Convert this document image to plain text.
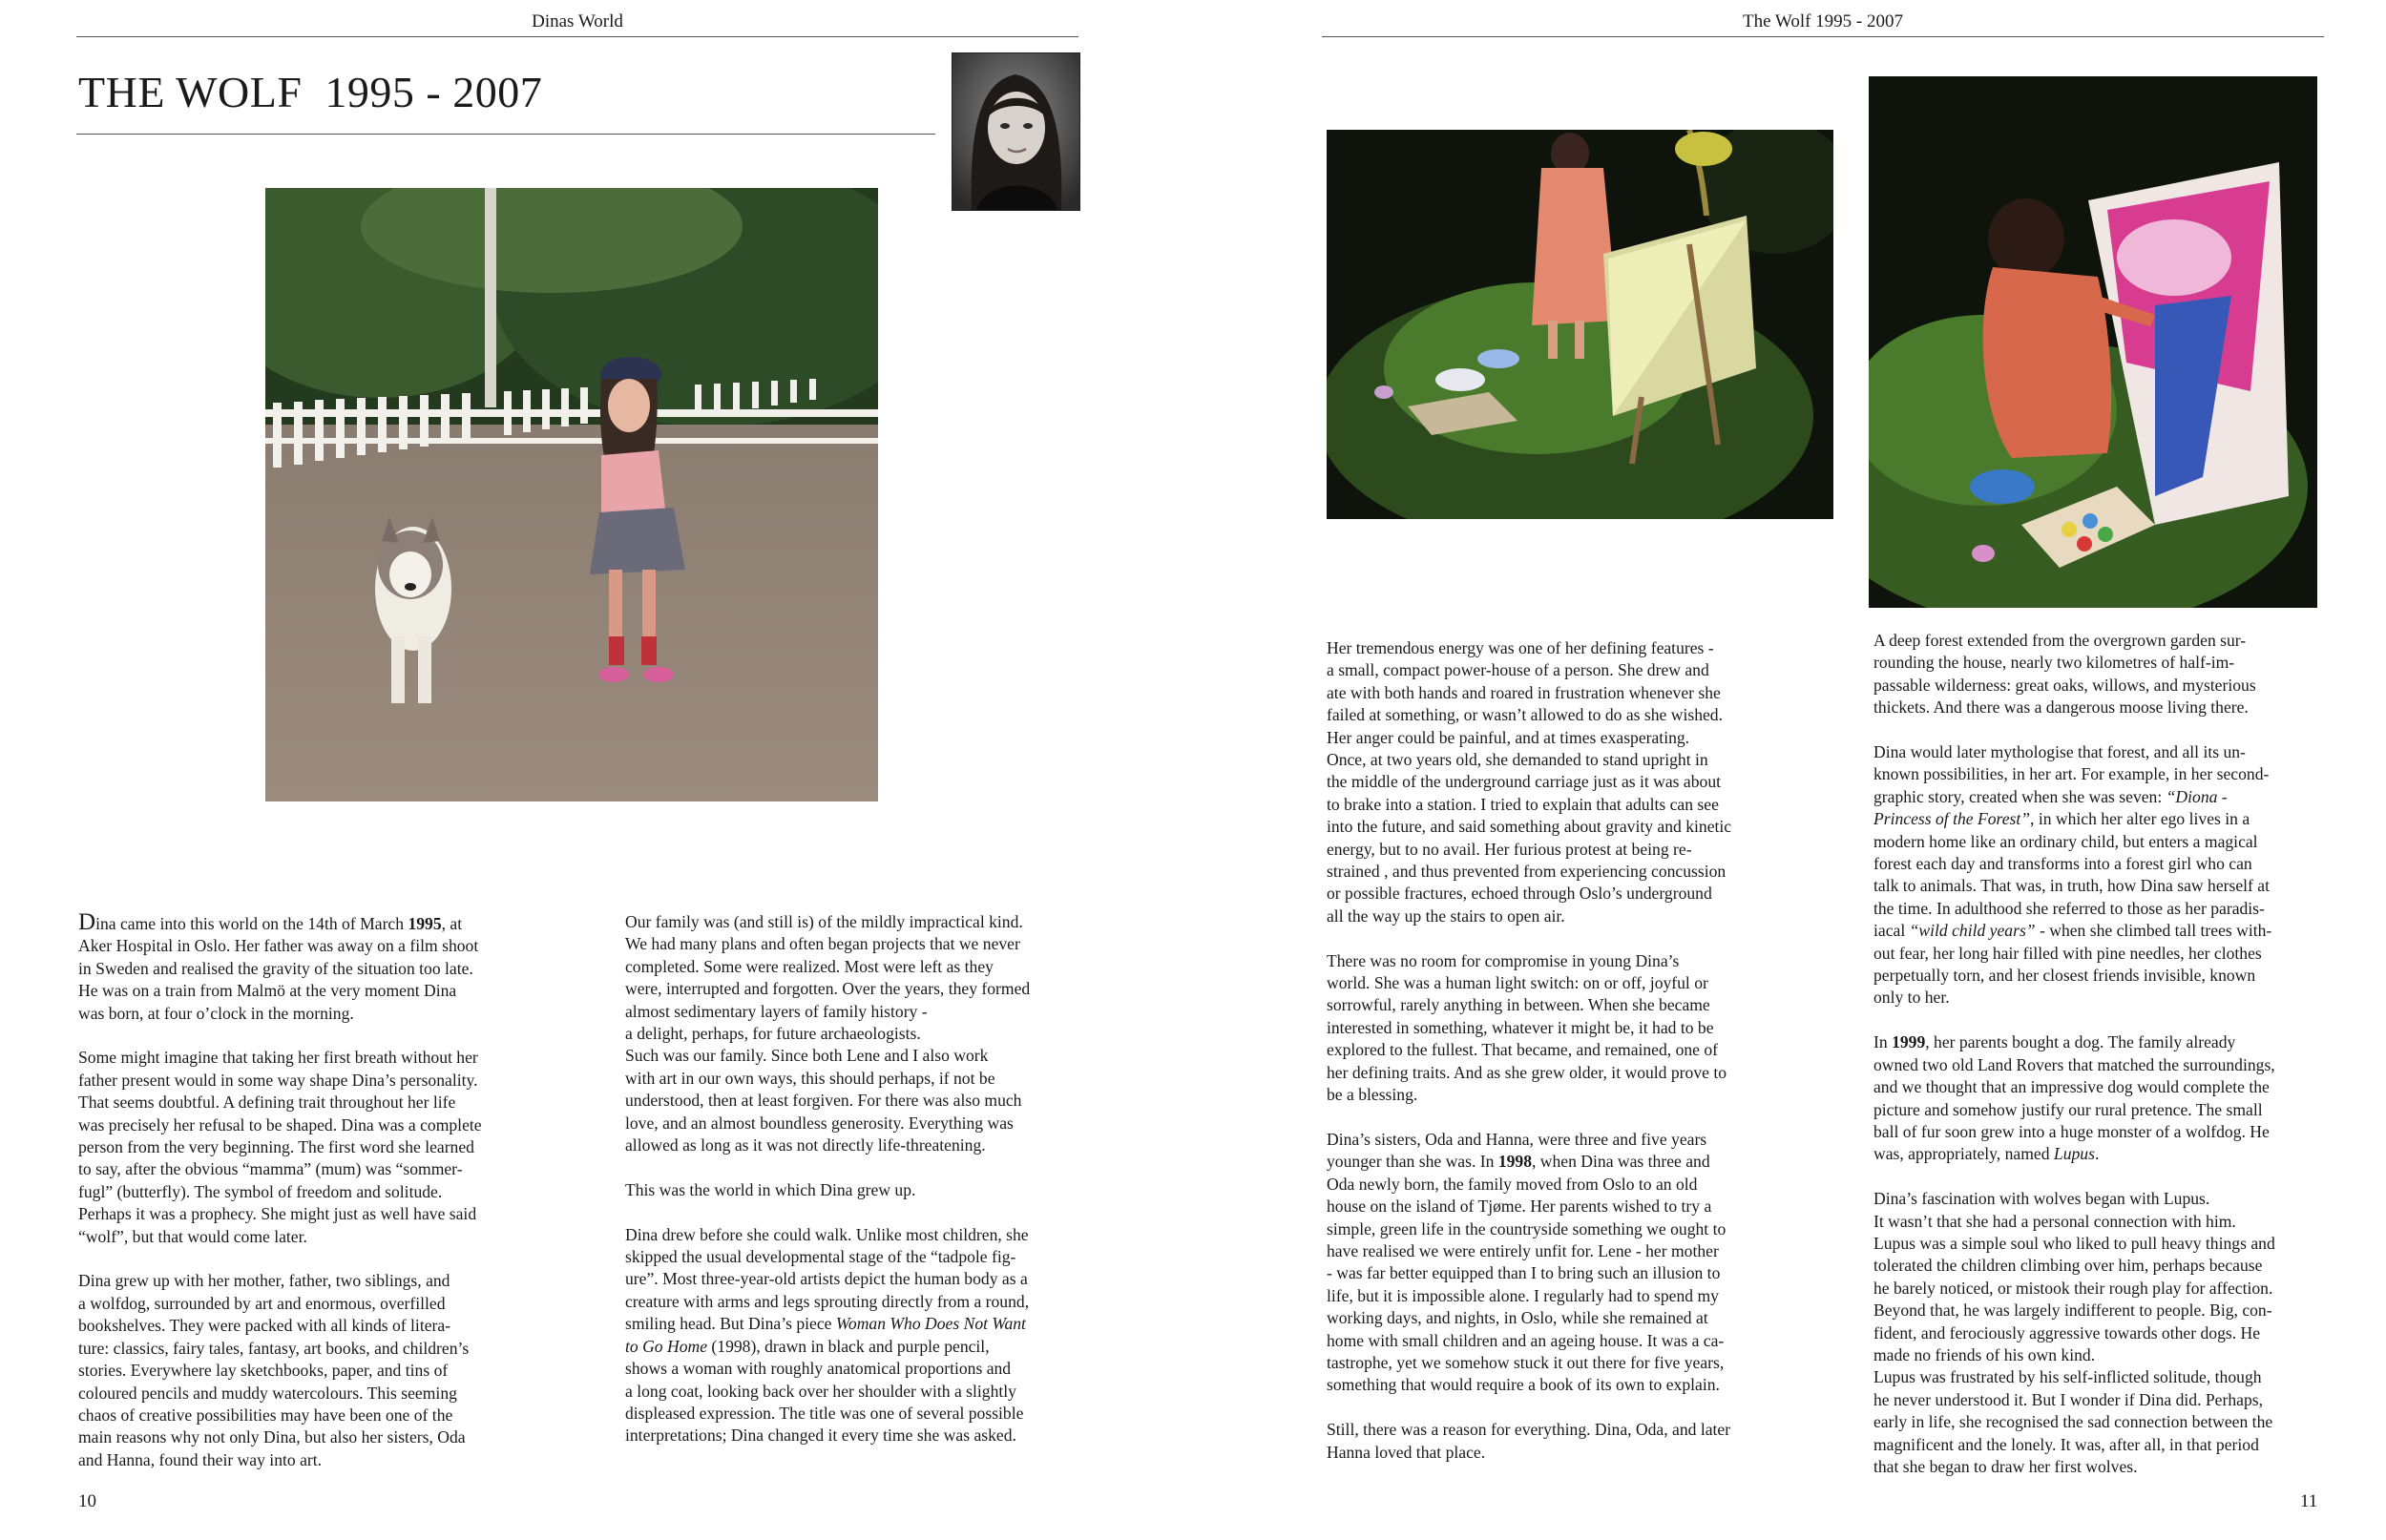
Dinas World
THE WOLF  1995 - 2007

Dina came into this world on the 14th of March 1995, at
Aker Hospital in Oslo. Her father was away on a film shoot
in Sweden and realised the gravity of the situation too late.
He was on a train from Malmö at the very moment Dina
was born, at four o’clock in the morning.

Some might imagine that taking her first breath without her
father present would in some way shape Dina’s personality.
That seems doubtful. A defining trait throughout her life
was precisely her refusal to be shaped. Dina was a complete
person from the very beginning. The first word she learned
to say, after the obvious “mamma” (mum) was “sommer-
fugl” (butterfly). The symbol of freedom and solitude.
Perhaps it was a prophecy. She might just as well have said
“wolf”, but that would come later.

Dina grew up with her mother, father, two siblings, and
a wolfdog, surrounded by art and enormous, overfilled
bookshelves. They were packed with all kinds of litera-
ture: classics, fairy tales, fantasy, art books, and children’s
stories. Everywhere lay sketchbooks, paper, and tins of
coloured pencils and muddy watercolours. This seeming
chaos of creative possibilities may have been one of the
main reasons why not only Dina, but also her sisters, Oda
and Hanna, found their way into art.

Our family was (and still is) of the mildly impractical kind.
We had many plans and often began projects that we never
completed. Some were realized. Most were left as they
were, interrupted and forgotten. Over the years, they formed
almost sedimentary layers of family history -
a delight, perhaps, for future archaeologists.
Such was our family. Since both Lene and I also work
with art in our own ways, this should perhaps, if not be
understood, then at least forgiven. For there was also much
love, and an almost boundless generosity. Everything was
allowed as long as it was not directly life-threatening.

This was the world in which Dina grew up.

Dina drew before she could walk. Unlike most children, she
skipped the usual developmental stage of the “tadpole fig-
ure”. Most three-year-old artists depict the human body as a
creature with arms and legs sprouting directly from a round,
smiling head. But Dina’s piece Woman Who Does Not Want
to Go Home (1998), drawn in black and purple pencil,
shows a woman with roughly anatomical proportions and
a long coat, looking back over her shoulder with a slightly
displeased expression. The title was one of several possible
interpretations; Dina changed it every time she was asked.

10
The Wolf 1995 - 2007

Her tremendous energy was one of her defining features -
a small, compact power-house of a person. She drew and
ate with both hands and roared in frustration whenever she
failed at something, or wasn’t allowed to do as she wished.
Her anger could be painful, and at times exasperating.
Once, at two years old, she demanded to stand upright in
the middle of the underground carriage just as it was about
to brake into a station. I tried to explain that adults can see
into the future, and said something about gravity and kinetic
energy, but to no avail. Her furious protest at being re-
strained , and thus prevented from experiencing concussion
or possible fractures, echoed through Oslo’s underground
all the way up the stairs to open air.

There was no room for compromise in young Dina’s
world. She was a human light switch: on or off, joyful or
sorrowful, rarely anything in between. When she became
interested in something, whatever it might be, it had to be
explored to the fullest. That became, and remained, one of
her defining traits. And as she grew older, it would prove to
be a blessing.

Dina’s sisters, Oda and Hanna, were three and five years
younger than she was. In 1998, when Dina was three and
Oda newly born, the family moved from Oslo to an old
house on the island of Tjøme. Her parents wished to try a
simple, green life in the countryside something we ought to
have realised we were entirely unfit for. Lene - her mother
- was far better equipped than I to bring such an illusion to
life, but it is impossible alone. I regularly had to spend my
working days, and nights, in Oslo, while she remained at
home with small children and an ageing house. It was a ca-
tastrophe, yet we somehow stuck it out there for five years,
something that would require a book of its own to explain.

Still, there was a reason for everything. Dina, Oda, and later
Hanna loved that place.

A deep forest extended from the overgrown garden sur-
rounding the house, nearly two kilometres of half-im-
passable wilderness: great oaks, willows, and mysterious
thickets. And there was a dangerous moose living there.

Dina would later mythologise that forest, and all its un-
known possibilities, in her art. For example, in her second-
graphic story, created when she was seven: “Diona -
Princess of the Forest”, in which her alter ego lives in a
modern home like an ordinary child, but enters a magical
forest each day and transforms into a forest girl who can
talk to animals. That was, in truth, how Dina saw herself at
the time. In adulthood she referred to those as her paradis-
iacal “wild child years” - when she climbed tall trees with-
out fear, her long hair filled with pine needles, her clothes
perpetually torn, and her closest friends invisible, known
only to her.

In 1999, her parents bought a dog. The family already
owned two old Land Rovers that matched the surroundings,
and we thought that an impressive dog would complete the
picture and somehow justify our rural pretence. The small
ball of fur soon grew into a huge monster of a wolfdog. He
was, appropriately, named Lupus.

Dina’s fascination with wolves began with Lupus.
It wasn’t that she had a personal connection with him.
Lupus was a simple soul who liked to pull heavy things and
tolerated the children climbing over him, perhaps because
he barely noticed, or mistook their rough play for affection.
Beyond that, he was largely indifferent to people. Big, con-
fident, and ferociously aggressive towards other dogs. He
made no friends of his own kind.
Lupus was frustrated by his self-inflicted solitude, though
he never understood it. But I wonder if Dina did. Perhaps,
early in life, she recognised the sad connection between the
magnificent and the lonely. It was, after all, in that period
that she began to draw her first wolves.

11
